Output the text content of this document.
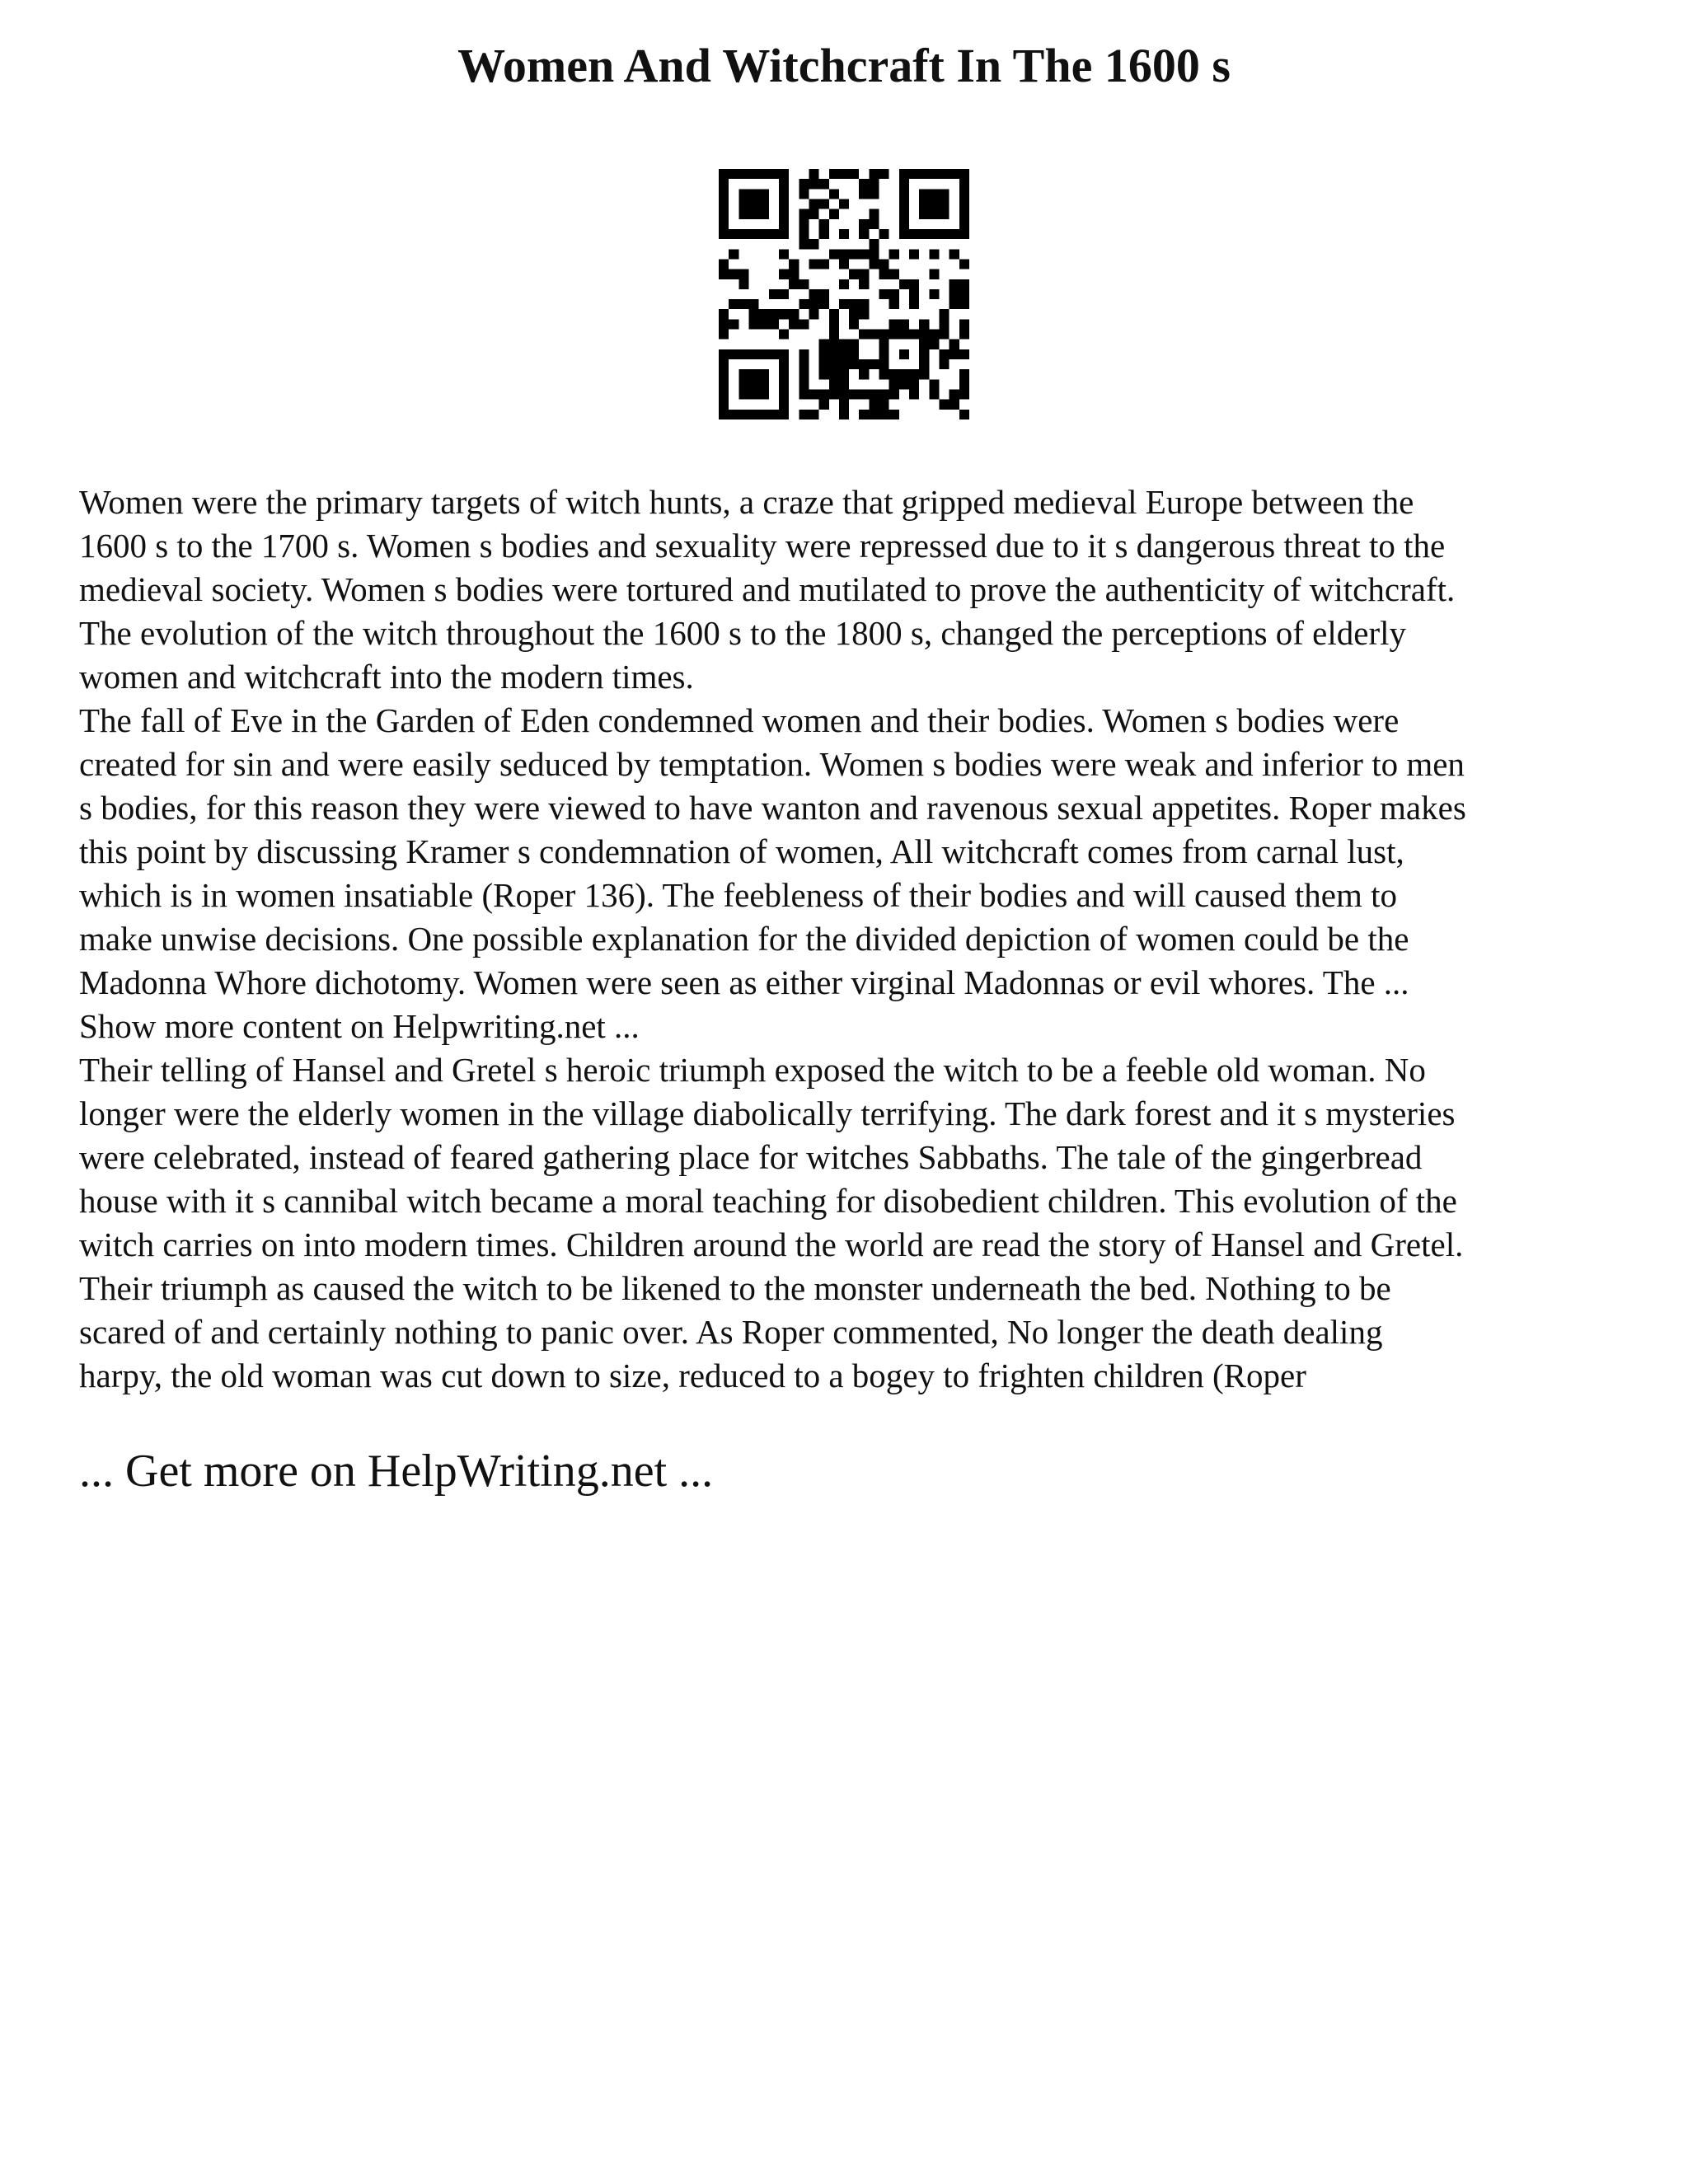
Women And Witchcraft In The 1600 s

Women were the primary targets of witch hunts, a craze that gripped medieval Europe between the
1600 s to the 1700 s. Women s bodies and sexuality were repressed due to it s dangerous threat to the
medieval society. Women s bodies were tortured and mutilated to prove the authenticity of witchcraft.
The evolution of the witch throughout the 1600 s to the 1800 s, changed the perceptions of elderly
women and witchcraft into the modern times.

The fall of Eve in the Garden of Eden condemned women and their bodies. Women s bodies were
created for sin and were easily seduced by temptation. Women s bodies were weak and inferior to men
s bodies, for this reason they were viewed to have wanton and ravenous sexual appetites. Roper makes
this point by discussing Kramer s condemnation of women, All witchcraft comes from carnal lust,
which is in women insatiable (Roper 136). The feebleness of their bodies and will caused them to
make unwise decisions. One possible explanation for the divided depiction of women could be the
Madonna Whore dichotomy. Women were seen as either virginal Madonnas or evil whores. The ...

Show more content on Helpwriting.net ...

Their telling of Hansel and Gretel s heroic triumph exposed the witch to be a feeble old woman. No
longer were the elderly women in the village diabolically terrifying. The dark forest and it s mysteries
were celebrated, instead of feared gathering place for witches Sabbaths. The tale of the gingerbread
house with it s cannibal witch became a moral teaching for disobedient children. This evolution of the
witch carries on into modern times. Children around the world are read the story of Hansel and Gretel.
Their triumph as caused the witch to be likened to the monster underneath the bed. Nothing to be
scared of and certainly nothing to panic over. As Roper commented, No longer the death dealing
harpy, the old woman was cut down to size, reduced to a bogey to frighten children (Roper

... Get more on HelpWriting.net ...
